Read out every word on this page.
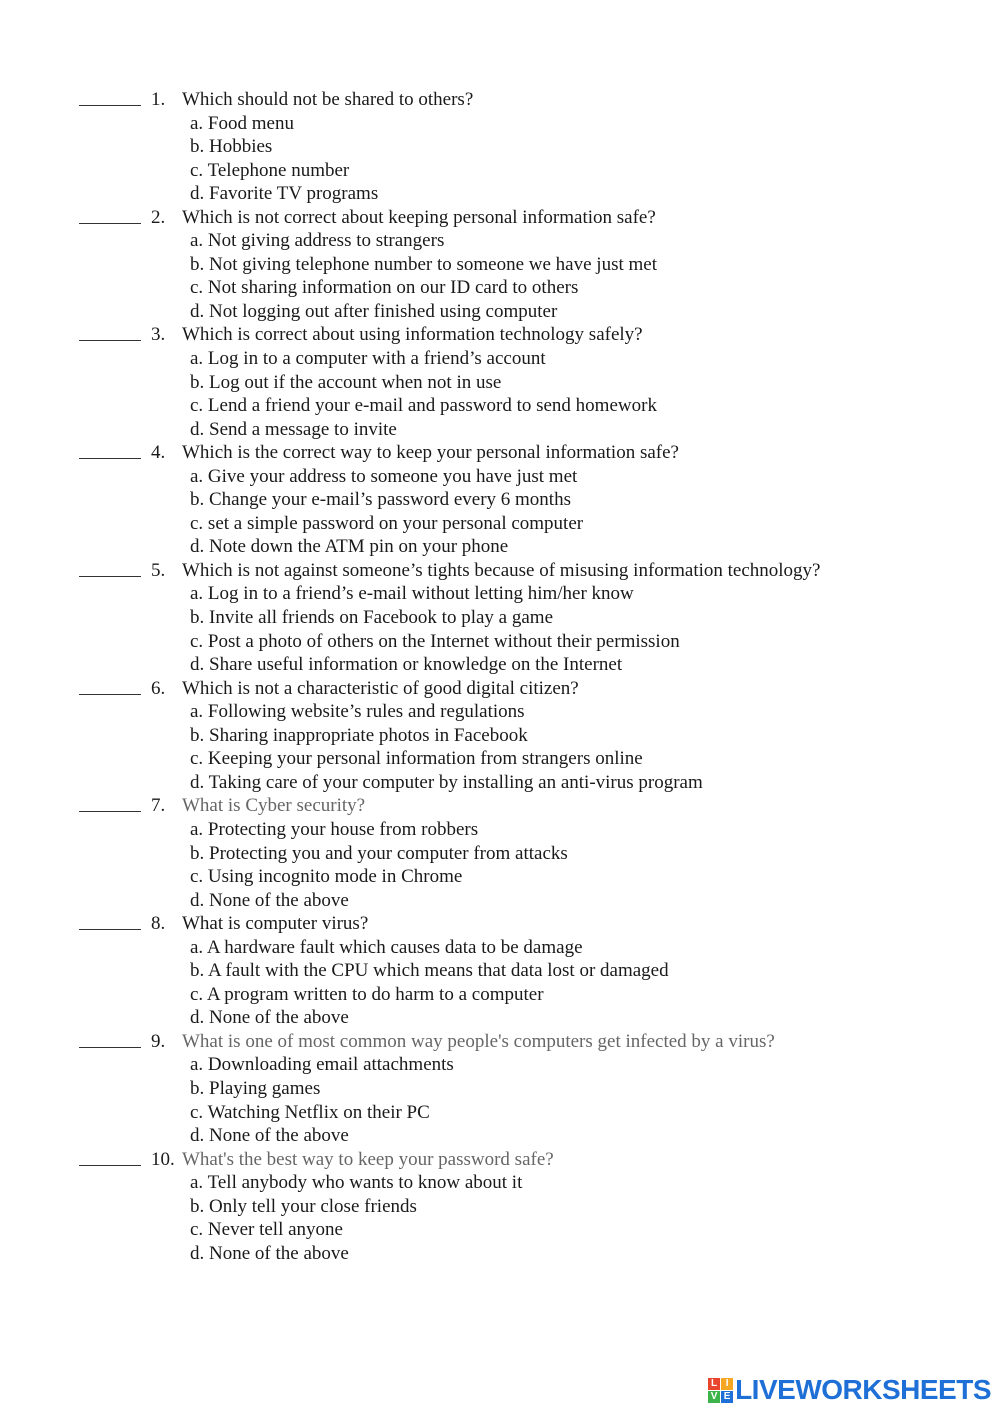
1. Which should not be shared to others?
a. Food menu
b. Hobbies
c. Telephone number
d. Favorite TV programs
2. Which is not correct about keeping personal information safe?
a. Not giving address to strangers
b. Not giving telephone number to someone we have just met
c. Not sharing information on our ID card to others
d. Not logging out after finished using computer
3. Which is correct about using information technology safely?
a. Log in to a computer with a friend’s account
b. Log out if the account when not in use
c. Lend a friend your e-mail and password to send homework
d. Send a message to invite
4. Which is the correct way to keep your personal information safe?
a. Give your address to someone you have just met
b. Change your e-mail’s password every 6 months
c. set a simple password on your personal computer
d. Note down the ATM pin on your phone
5. Which is not against someone’s tights because of misusing information technology?
a. Log in to a friend’s e-mail without letting him/her know
b. Invite all friends on Facebook to play a game
c. Post a photo of others on the Internet without their permission
d. Share useful information or knowledge on the Internet
6. Which is not a characteristic of good digital citizen?
a. Following website’s rules and regulations
b. Sharing inappropriate photos in Facebook
c. Keeping your personal information from strangers online
d. Taking care of your computer by installing an anti-virus program
7. What is Cyber security?
a. Protecting your house from robbers
b. Protecting you and your computer from attacks
c. Using incognito mode in Chrome
d. None of the above
8. What is computer virus?
a. A hardware fault which causes data to be damage
b. A fault with the CPU which means that data lost or damaged
c. A program written to do harm to a computer
d. None of the above
9. What is one of most common way people's computers get infected by a virus?
a. Downloading email attachments
b. Playing games
c. Watching Netflix on their PC
d. None of the above
10. What's the best way to keep your password safe?
a. Tell anybody who wants to know about it
b. Only tell your close friends
c. Never tell anyone
d. None of the above
L I
V E LIVEWORKSHEETS
